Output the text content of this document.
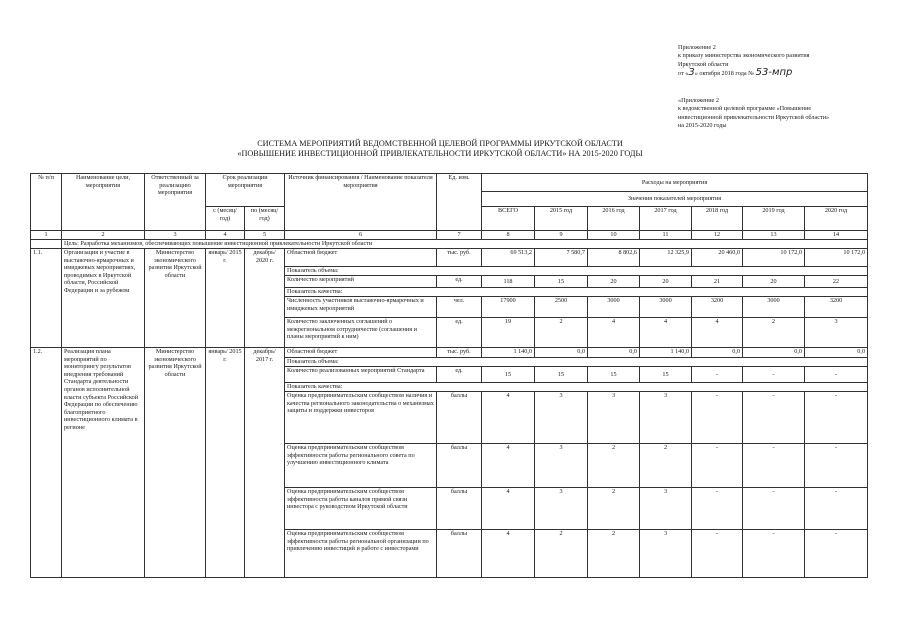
Приложение 2
к приказу министерства экономического развития
Иркутской области
от «3» октября 2018 года № 53-мпр
«Приложение 2
к ведомственной целевой программе «Повышение
инвестиционной привлекательности Иркутской области»
на 2015-2020 годы
СИСТЕМА МЕРОПРИЯТИЙ ВЕДОМСТВЕННОЙ ЦЕЛЕВОЙ ПРОГРАММЫ ИРКУТСКОЙ ОБЛАСТИ
«ПОВЫШЕНИЕ ИНВЕСТИЦИОННОЙ ПРИВЛЕКАТЕЛЬНОСТИ ИРКУТСКОЙ ОБЛАСТИ» НА 2015-2020 ГОДЫ
№ п/п	Наименование цели, мероприятия	Ответственный за реализацию мероприятия	Срок реализации мероприятия		Источник финансирования / Наименование показателя мероприятия	Ед. изм.	Расходы на мероприятия						
							Значения показателей мероприятия						
			с (месяц/год)	по (месяц/год)			ВСЕГО	2015 год	2016 год	2017 год	2018 год	2019 год	2020 год
1	2	3	4	5	6	7	8	9	10	11	12	13	14
	Цель: Разработка механизмов, обеспечивающих повышение инвестиционной привлекательности Иркутской области												
1.1.	Организация и участие в выставочно-ярмарочных и имиджевых мероприятиях, проводимых в Иркутской области, Российской Федерации и за рубежом	Министерство экономического развития Иркутской области	январь/ 2015 г.	декабрь/ 2020 г.	Областной бюджет	тыс. руб.	69 513,2	7 580,7	8 802,6	12 325,9	20 460,0	10 172,0	10 172,0
					Показатель объема:								
					Количество мероприятий	ед.	118	15	20	20	21	20	22
					Показатель качества:								
					Численность участников выставочно-ярмарочных и имиджевых мероприятий	чел.	17900	2500	3000	3000	3200	3000	3200
					Количество заключенных соглашений о межрегиональном сотрудничестве (соглашения и планы мероприятий к ним)	ед.	19	2	4	4	4	2	3
1.2.	Реализация плана мероприятий по мониторингу результатов внедрения требований Стандарта деятельности органов исполнительной власти субъекта Российской Федерации по обеспечению благоприятного инвестиционного климата в регионе	Министерство экономического развития Иркутской области	январь/ 2015 г.	декабрь/ 2017 г.	Областной бюджет	тыс. руб.	1 140,0	0,0	0,0	1 140,0	0,0	0,0	0,0
					Показатель объема:								
					Количество реализованных мероприятий Стандарта	ед.	15	15	15	15	-	-	-
					Показатель качества:								
					Оценка предпринимательским сообществом наличия и качества регионального законодательства о механизмах защиты и поддержки инвесторов	баллы	4	3	3	3	-	-	-
					Оценка предпринимательским сообществом эффективности работы регионального совета по улучшению инвестиционного климата	баллы	4	3	2	2	-	-	-
					Оценка предпринимательским сообществом эффективности работы каналов прямой связи инвестора с руководством Иркутской области	баллы	4	3	2	3	-	-	-
					Оценка предпринимательским сообществом эффективности работы региональной организации по привлечению инвестиций и работе с инвесторами	баллы	4	2	2	3	-	-	-
